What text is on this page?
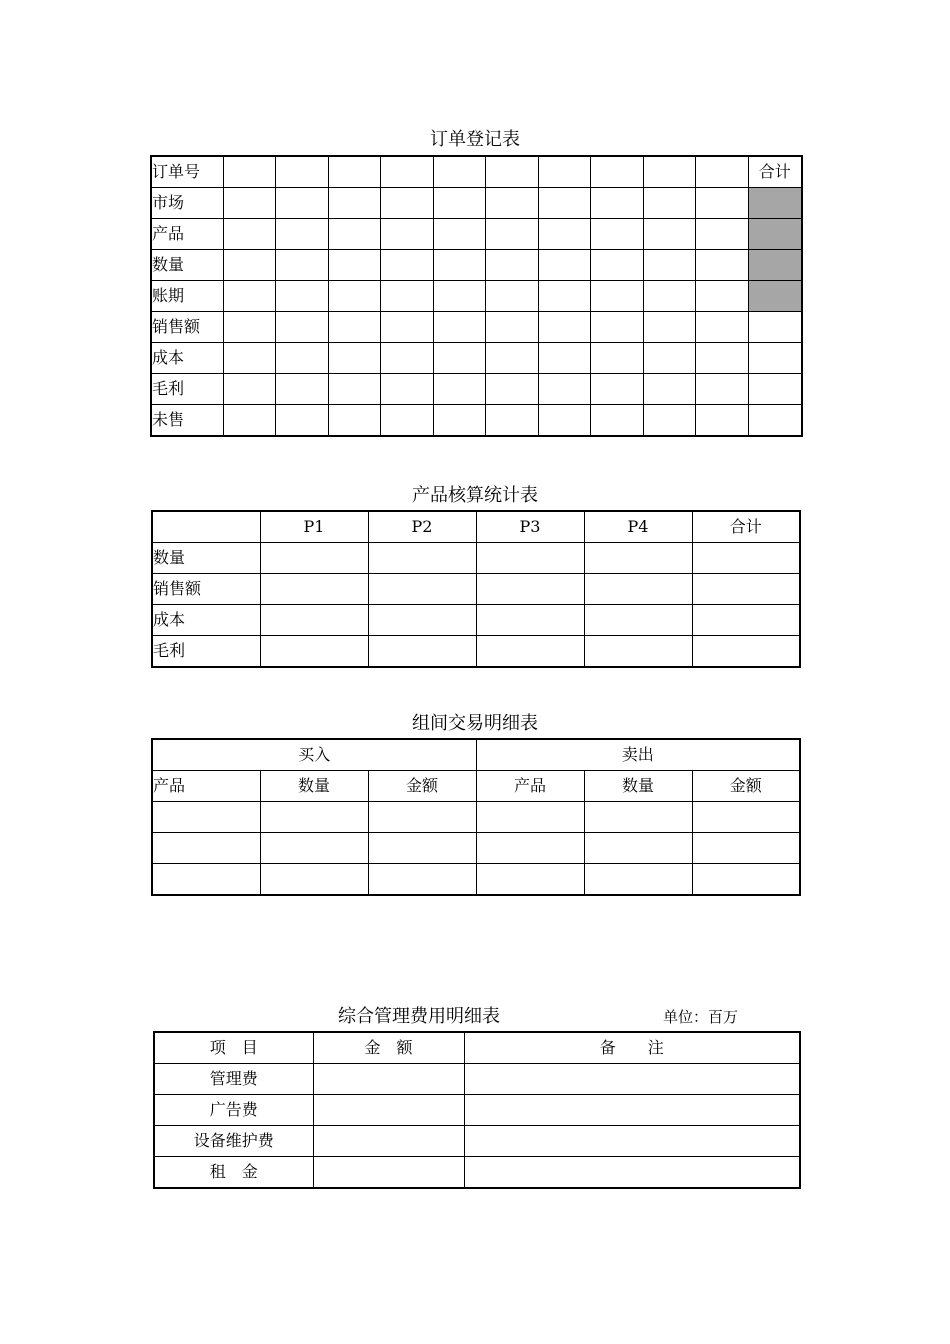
订单登记表
订单号											合计
市场											
产品											
数量											
账期											
销售额											
成本											
毛利											
未售											
产品核算统计表
	P1	P2	P3	P4	合计
数量					
销售额					
成本					
毛利					
组间交易明细表
买入			卖出		
产品	数量	金额	产品	数量	金额

综合管理费用明细表	单位：百万
项　目	金　额	备　　注
管理费		
广告费		
设备维护费		
租　金		
